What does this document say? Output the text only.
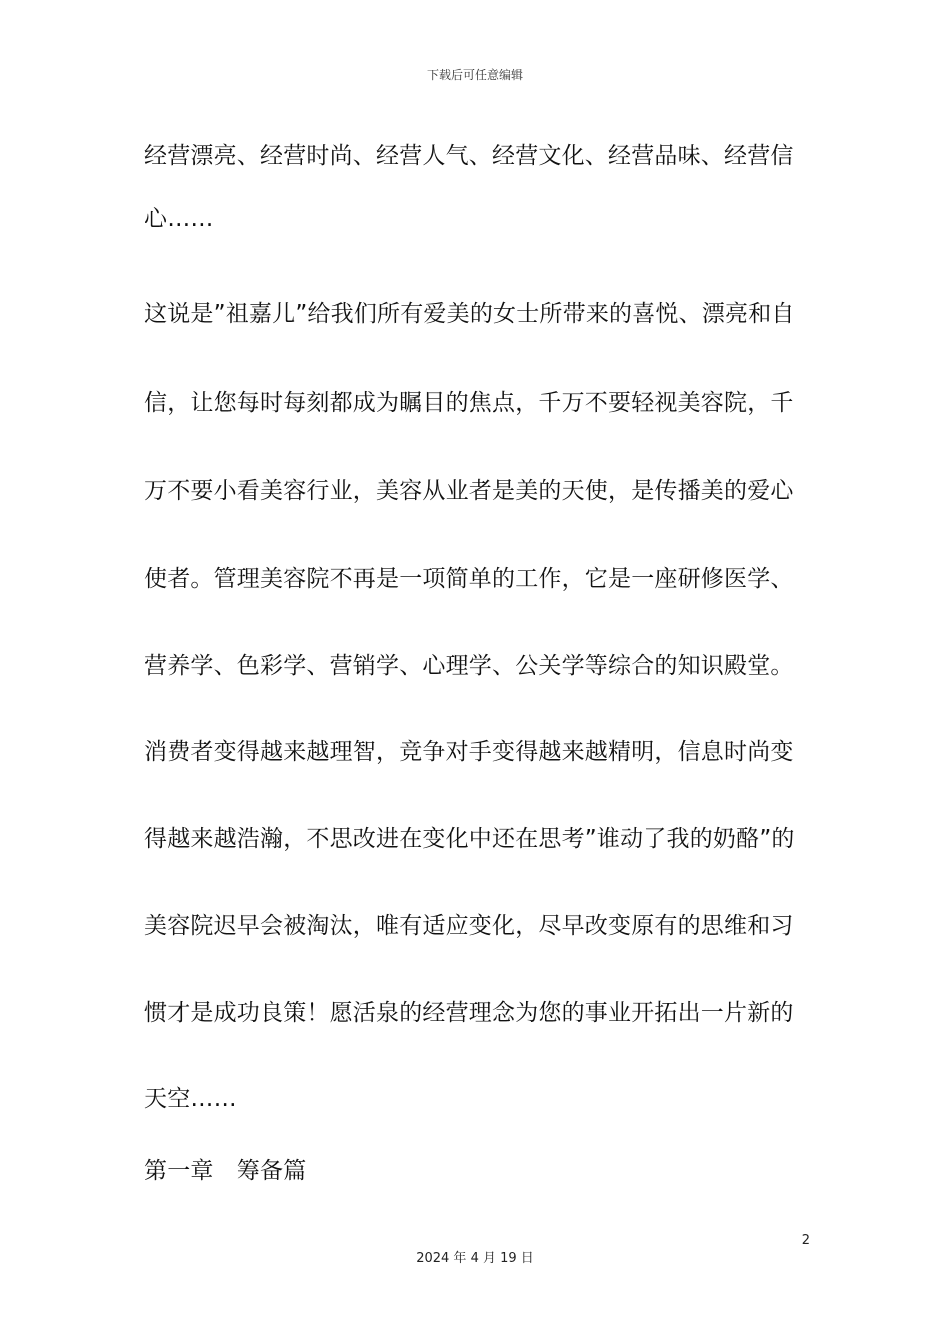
下载后可任意编辑
经营漂亮、经营时尚、经营人气、经营文化、经营品味、经营信
心……
这说是”祖嘉儿”给我们所有爱美的女士所带来的喜悦、漂亮和自
信，让您每时每刻都成为瞩目的焦点，千万不要轻视美容院，千
万不要小看美容行业，美容从业者是美的天使，是传播美的爱心
使者。管理美容院不再是一项简单的工作，它是一座研修医学、
营养学、色彩学、营销学、心理学、公关学等综合的知识殿堂。
消费者变得越来越理智，竞争对手变得越来越精明，信息时尚变
得越来越浩瀚，不思改进在变化中还在思考”谁动了我的奶酪”的
美容院迟早会被淘汰，唯有适应变化，尽早改变原有的思维和习
惯才是成功良策！愿活泉的经营理念为您的事业开拓出一片新的
天空……
第一章　筹备篇
2
2024 年 4 月 19 日
